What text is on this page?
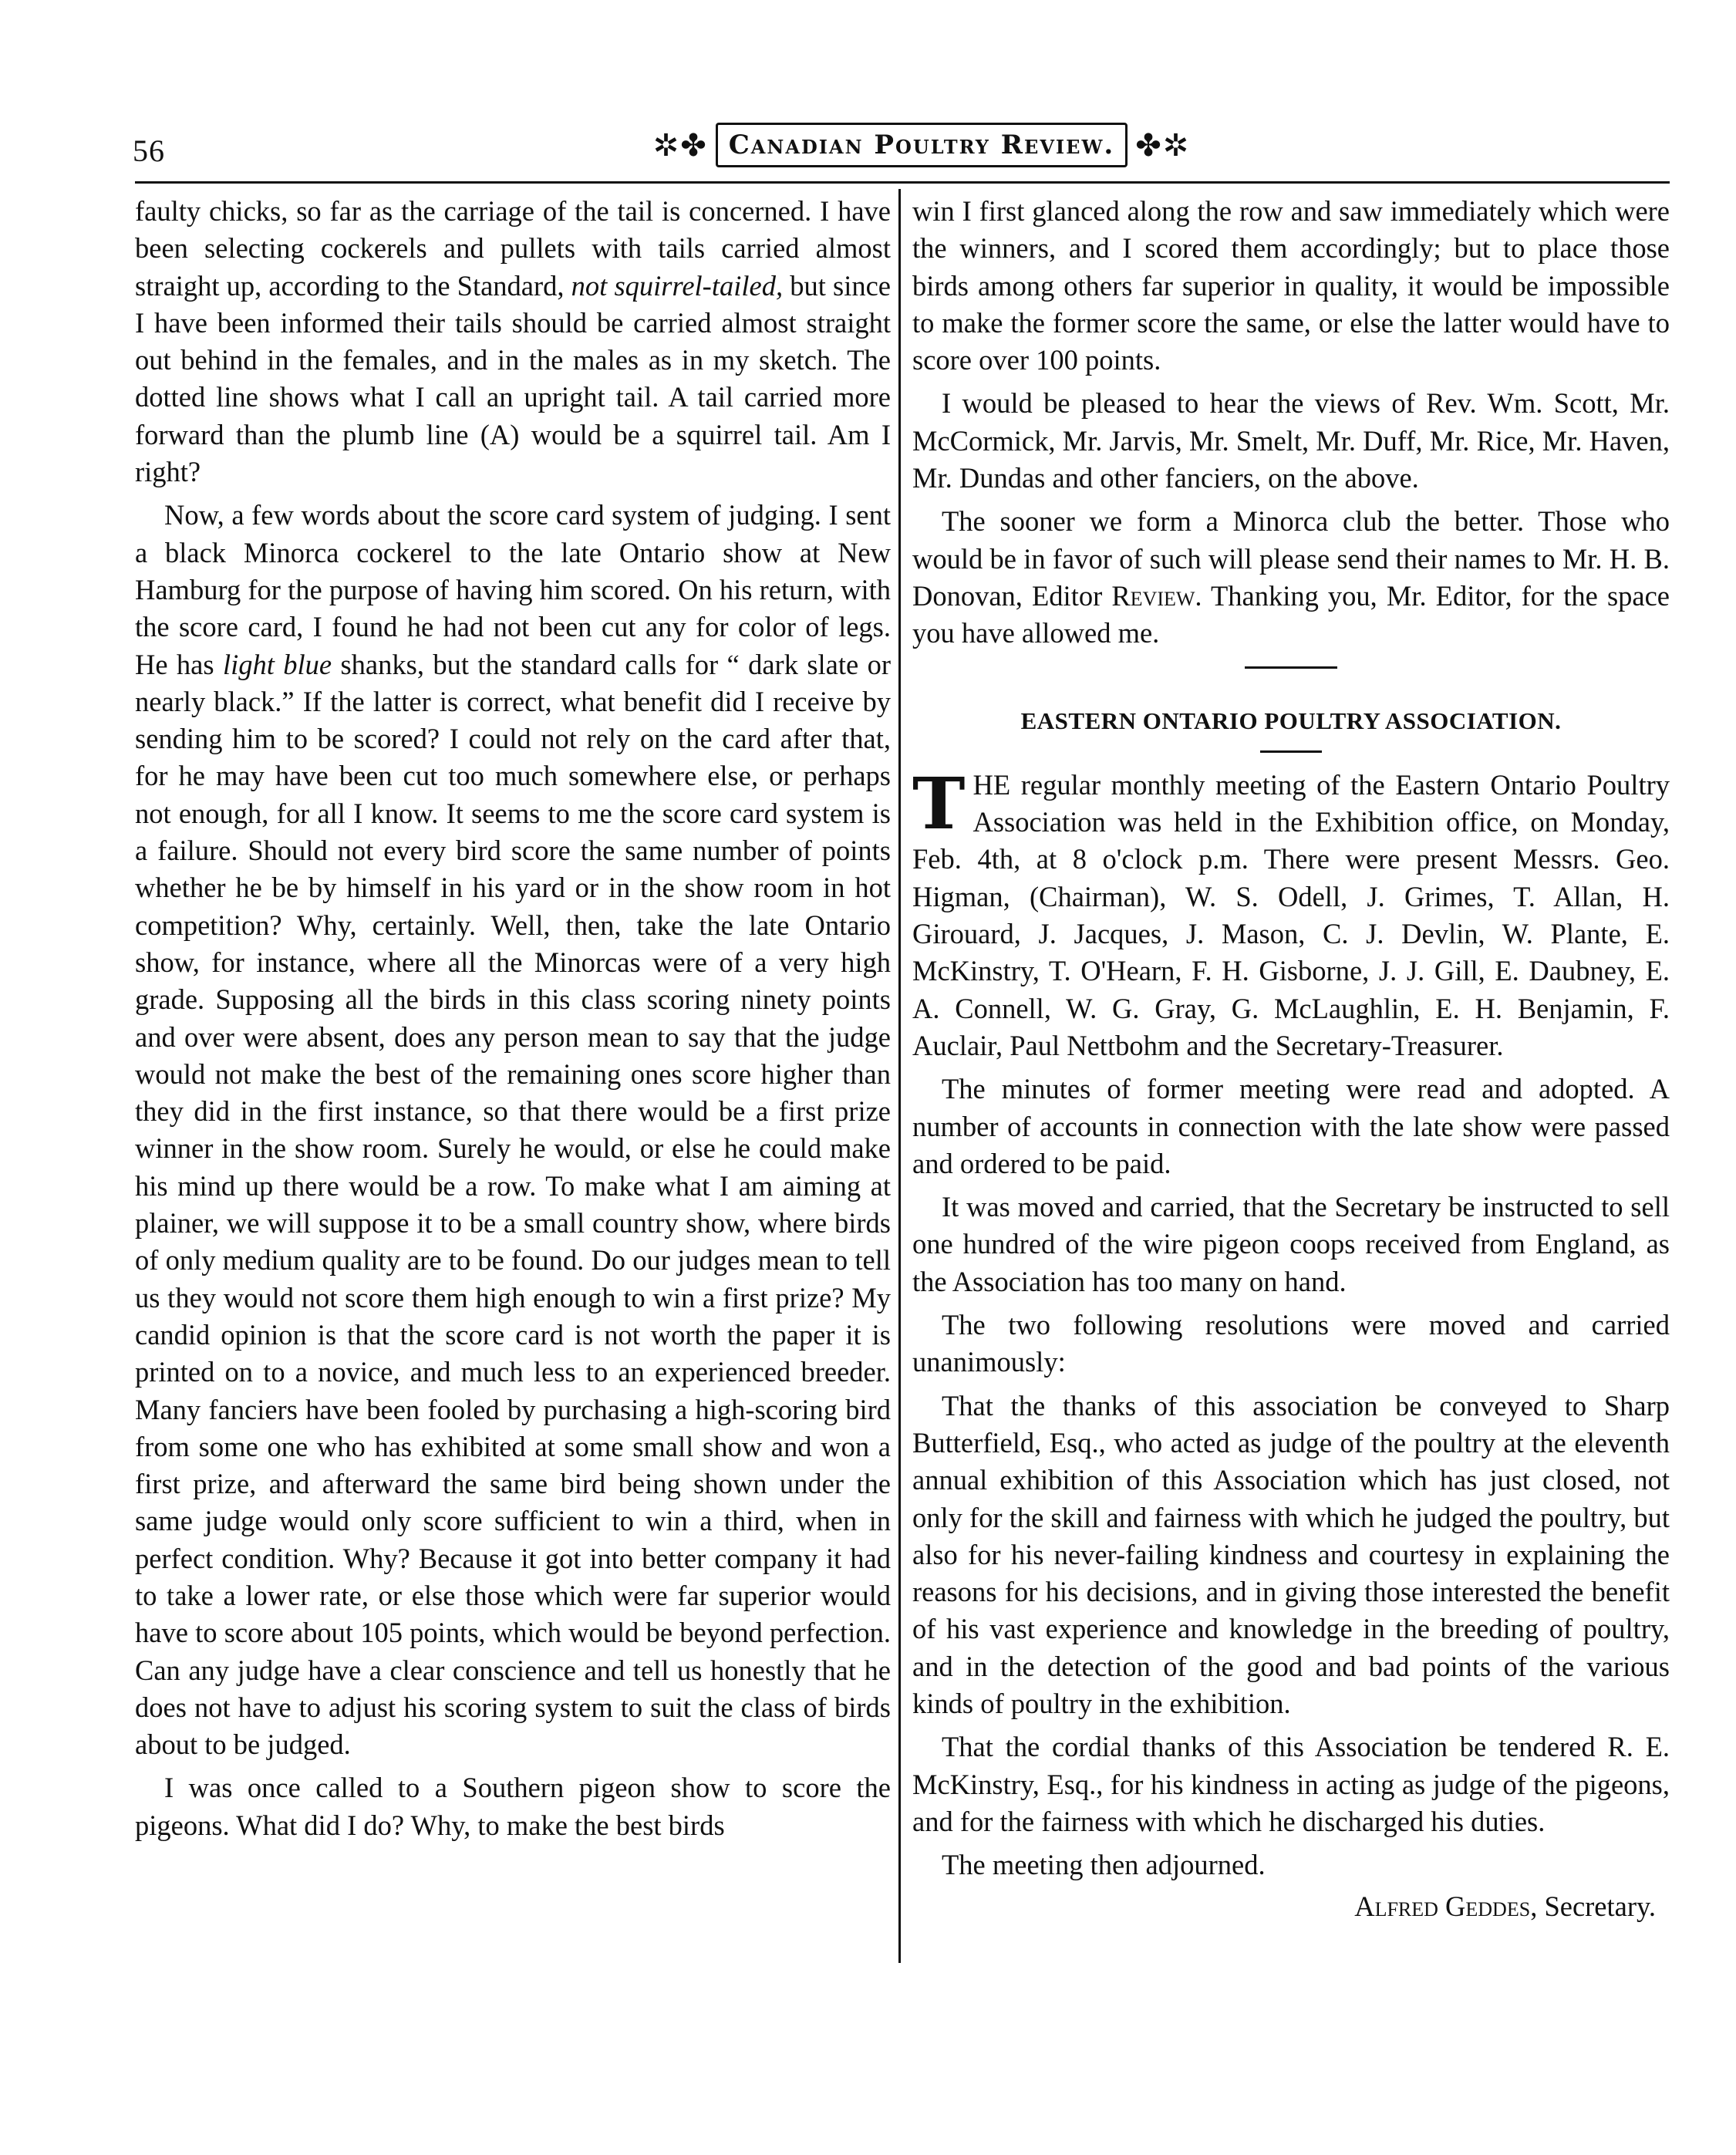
56	✲✤ Canadian Poultry Review. ✤✲

faulty chicks, so far as the carriage of the tail is concerned. I have been selecting cockerels and pullets with tails carried almost straight up, according to the Standard, not squirrel-tailed, but since I have been informed their tails should be carried almost straight out behind in the females, and in the males as in my sketch. The dotted line shows what I call an upright tail. A tail carried more forward than the plumb line (A) would be a squirrel tail. Am I right?

Now, a few words about the score card system of judging. I sent a black Minorca cockerel to the late Ontario show at New Hamburg for the purpose of having him scored. On his return, with the score card, I found he had not been cut any for color of legs. He has light blue shanks, but the standard calls for “ dark slate or nearly black.” If the latter is correct, what benefit did I receive by sending him to be scored? I could not rely on the card after that, for he may have been cut too much somewhere else, or perhaps not enough, for all I know. It seems to me the score card system is a failure. Should not every bird score the same number of points whether he be by himself in his yard or in the show room in hot competition? Why, certainly. Well, then, take the late Ontario show, for instance, where all the Minorcas were of a very high grade. Supposing all the birds in this class scoring ninety points and over were absent, does any person mean to say that the judge would not make the best of the remaining ones score higher than they did in the first instance, so that there would be a first prize winner in the show room. Surely he would, or else he could make his mind up there would be a row. To make what I am aiming at plainer, we will suppose it to be a small country show, where birds of only medium quality are to be found. Do our judges mean to tell us they would not score them high enough to win a first prize? My candid opinion is that the score card is not worth the paper it is printed on to a novice, and much less to an experienced breeder. Many fanciers have been fooled by purchasing a high-scoring bird from some one who has exhibited at some small show and won a first prize, and afterward the same bird being shown under the same judge would only score sufficient to win a third, when in perfect condition. Why? Because it got into better company it had to take a lower rate, or else those which were far superior would have to score about 105 points, which would be beyond perfection. Can any judge have a clear conscience and tell us honestly that he does not have to adjust his scoring system to suit the class of birds about to be judged.

I was once called to a Southern pigeon show to score the pigeons. What did I do? Why, to make the best birds

win I first glanced along the row and saw immediately which were the winners, and I scored them accordingly; but to place those birds among others far superior in quality, it would be impossible to make the former score the same, or else the latter would have to score over 100 points.

I would be pleased to hear the views of Rev. Wm. Scott, Mr. McCormick, Mr. Jarvis, Mr. Smelt, Mr. Duff, Mr. Rice, Mr. Haven, Mr. Dundas and other fanciers, on the above.

The sooner we form a Minorca club the better. Those who would be in favor of such will please send their names to Mr. H. B. Donovan, Editor Review. Thanking you, Mr. Editor, for the space you have allowed me.

EASTERN ONTARIO POULTRY ASSOCIATION.

THE regular monthly meeting of the Eastern Ontario Poultry Association was held in the Exhibition office, on Monday, Feb. 4th, at 8 o'clock p.m. There were present Messrs. Geo. Higman, (Chairman), W. S. Odell, J. Grimes, T. Allan, H. Girouard, J. Jacques, J. Mason, C. J. Devlin, W. Plante, E. McKinstry, T. O'Hearn, F. H. Gisborne, J. J. Gill, E. Daubney, E. A. Connell, W. G. Gray, G. McLaughlin, E. H. Benjamin, F. Auclair, Paul Nettbohm and the Secretary-Treasurer.

The minutes of former meeting were read and adopted. A number of accounts in connection with the late show were passed and ordered to be paid.

It was moved and carried, that the Secretary be instructed to sell one hundred of the wire pigeon coops received from England, as the Association has too many on hand.

The two following resolutions were moved and carried unanimously:

That the thanks of this association be conveyed to Sharp Butterfield, Esq., who acted as judge of the poultry at the eleventh annual exhibition of this Association which has just closed, not only for the skill and fairness with which he judged the poultry, but also for his never-failing kindness and courtesy in explaining the reasons for his decisions, and in giving those interested the benefit of his vast experience and knowledge in the breeding of poultry, and in the detection of the good and bad points of the various kinds of poultry in the exhibition.

That the cordial thanks of this Association be tendered R. E. McKinstry, Esq., for his kindness in acting as judge of the pigeons, and for the fairness with which he discharged his duties.

The meeting then adjourned.

Alfred Geddes, Secretary.
